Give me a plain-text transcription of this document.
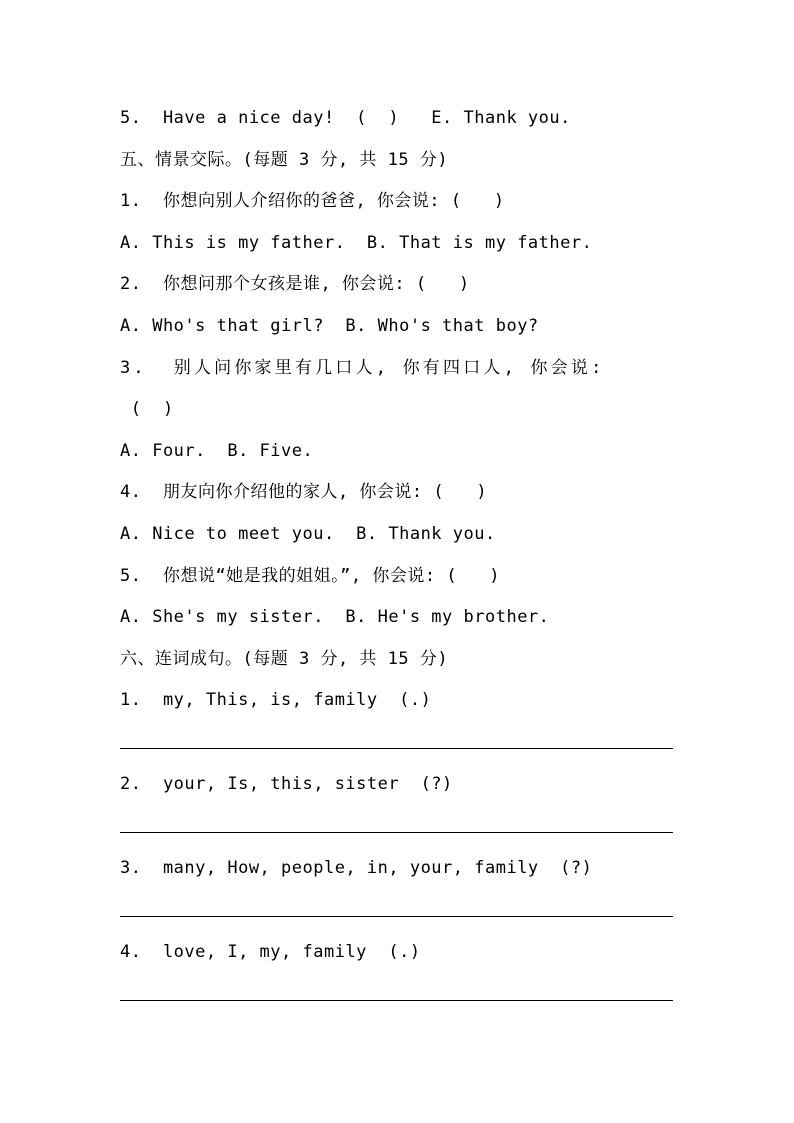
5.  Have a nice day!  (  )   E. Thank you.
五、情景交际。(每题 3 分, 共 15 分)
1.  你想向别人介绍你的爸爸, 你会说: (   )
A. This is my father.  B. That is my father.
2.  你想问那个女孩是谁, 你会说: (   )
A. Who's that girl?  B. Who's that boy?
3.  别人问你家里有几口人, 你有四口人, 你会说:
(  )
A. Four.  B. Five.
4.  朋友向你介绍他的家人, 你会说: (   )
A. Nice to meet you.  B. Thank you.
5.  你想说“她是我的姐姐。”, 你会说: (   )
A. She's my sister.  B. He's my brother.
六、连词成句。(每题 3 分, 共 15 分)
1.  my, This, is, family  (.)
2.  your, Is, this, sister  (?)
3.  many, How, people, in, your, family  (?)
4.  love, I, my, family  (.)
